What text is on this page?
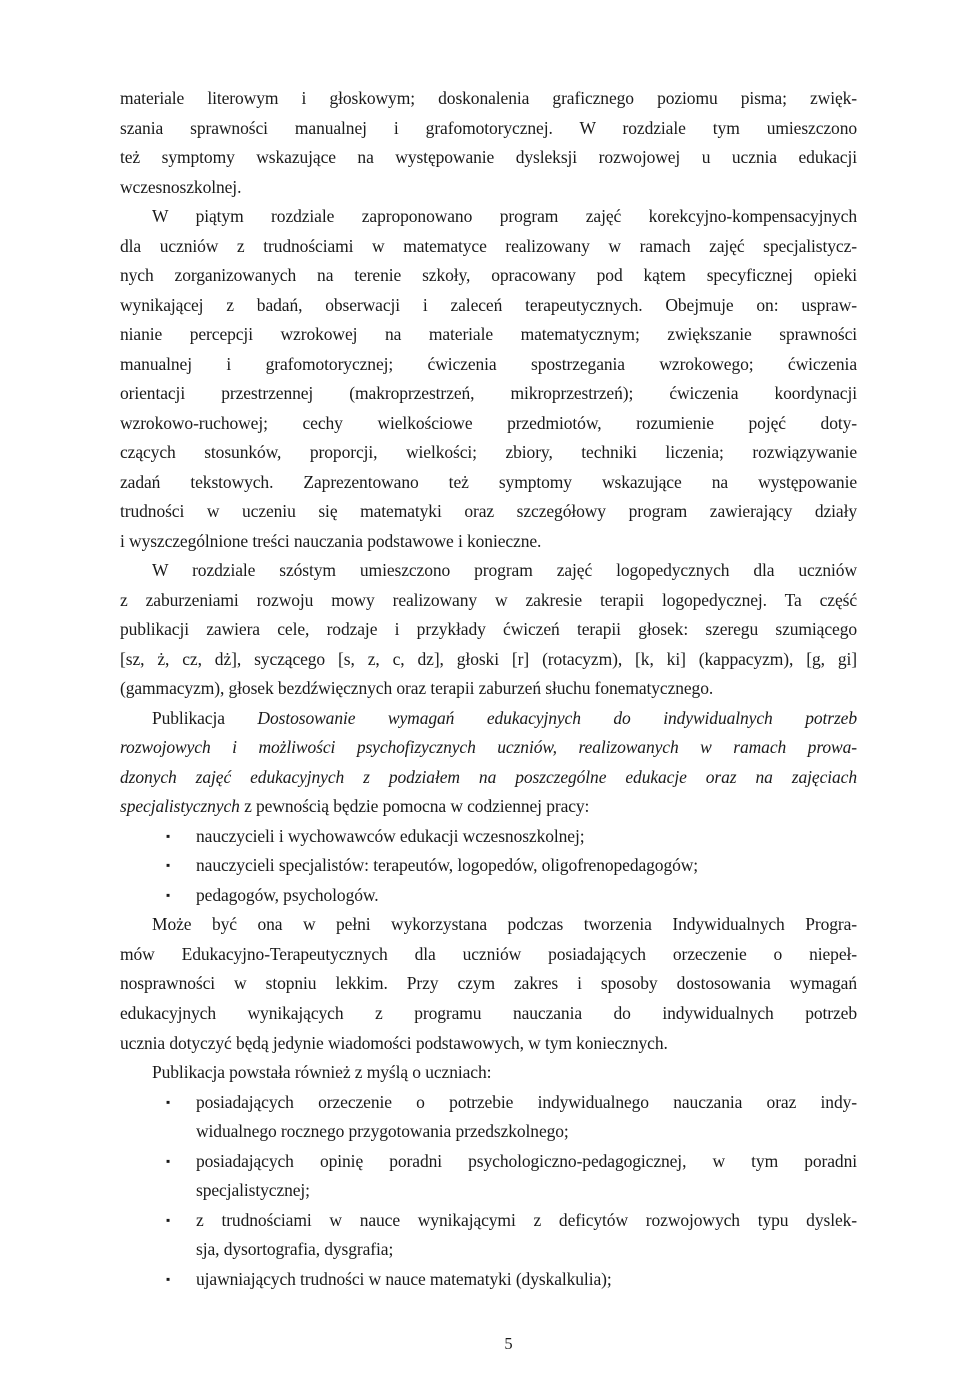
materiale literowym i głoskowym; doskonalenia graficznego poziomu pisma; zwięk-
szania sprawności manualnej i grafomotorycznej. W rozdziale tym umieszczono
też symptomy wskazujące na występowanie dysleksji rozwojowej u ucznia edukacji
wczesnoszkolnej.
W piątym rozdziale zaproponowano program zajęć korekcyjno-kompensacyjnych
dla uczniów z trudnościami w matematyce realizowany w ramach zajęć specjalistycz-
nych zorganizowanych na terenie szkoły, opracowany pod kątem specyficznej opieki
wynikającej z badań, obserwacji i zaleceń terapeutycznych. Obejmuje on: uspraw-
nianie percepcji wzrokowej na materiale matematycznym; zwiększanie sprawności
manualnej i grafomotorycznej; ćwiczenia spostrzegania wzrokowego; ćwiczenia
orientacji przestrzennej (makroprzestrzeń, mikroprzestrzeń); ćwiczenia koordynacji
wzrokowo-ruchowej; cechy wielkościowe przedmiotów, rozumienie pojęć doty-
czących stosunków, proporcji, wielkości; zbiory, techniki liczenia; rozwiązywanie
zadań tekstowych. Zaprezentowano też symptomy wskazujące na występowanie
trudności w uczeniu się matematyki oraz szczegółowy program zawierający działy
i wyszczególnione treści nauczania podstawowe i konieczne.
W rozdziale szóstym umieszczono program zajęć logopedycznych dla uczniów
z zaburzeniami rozwoju mowy realizowany w zakresie terapii logopedycznej. Ta część
publikacji zawiera cele, rodzaje i przykłady ćwiczeń terapii głosek: szeregu szumiącego
[sz, ż, cz, dż], syczącego [s, z, c, dz], głoski [r] (rotacyzm), [k, ki] (kappacyzm), [g, gi]
(gammacyzm), głosek bezdźwięcznych oraz terapii zaburzeń słuchu fonematycznego.
Publikacja Dostosowanie wymagań edukacyjnych do indywidualnych potrzeb
rozwojowych i możliwości psychofizycznych uczniów, realizowanych w ramach prowa-
dzonych zajęć edukacyjnych z podziałem na poszczególne edukacje oraz na zajęciach
specjalistycznych z pewnością będzie pomocna w codziennej pracy:
▪ nauczycieli i wychowawców edukacji wczesnoszkolnej;
▪ nauczycieli specjalistów: terapeutów, logopedów, oligofrenopedagogów;
▪ pedagogów, psychologów.
Może być ona w pełni wykorzystana podczas tworzenia Indywidualnych Progra-
mów Edukacyjno-Terapeutycznych dla uczniów posiadających orzeczenie o niepeł-
nosprawności w stopniu lekkim. Przy czym zakres i sposoby dostosowania wymagań
edukacyjnych wynikających z programu nauczania do indywidualnych potrzeb
ucznia dotyczyć będą jedynie wiadomości podstawowych, w tym koniecznych.
Publikacja powstała również z myślą o uczniach:
▪ posiadających orzeczenie o potrzebie indywidualnego nauczania oraz indy-
widualnego rocznego przygotowania przedszkolnego;
▪ posiadających opinię poradni psychologiczno-pedagogicznej, w tym poradni
specjalistycznej;
▪ z trudnościami w nauce wynikającymi z deficytów rozwojowych typu dyslek-
sja, dysortografia, dysgrafia;
▪ ujawniających trudności w nauce matematyki (dyskalkulia);
5
